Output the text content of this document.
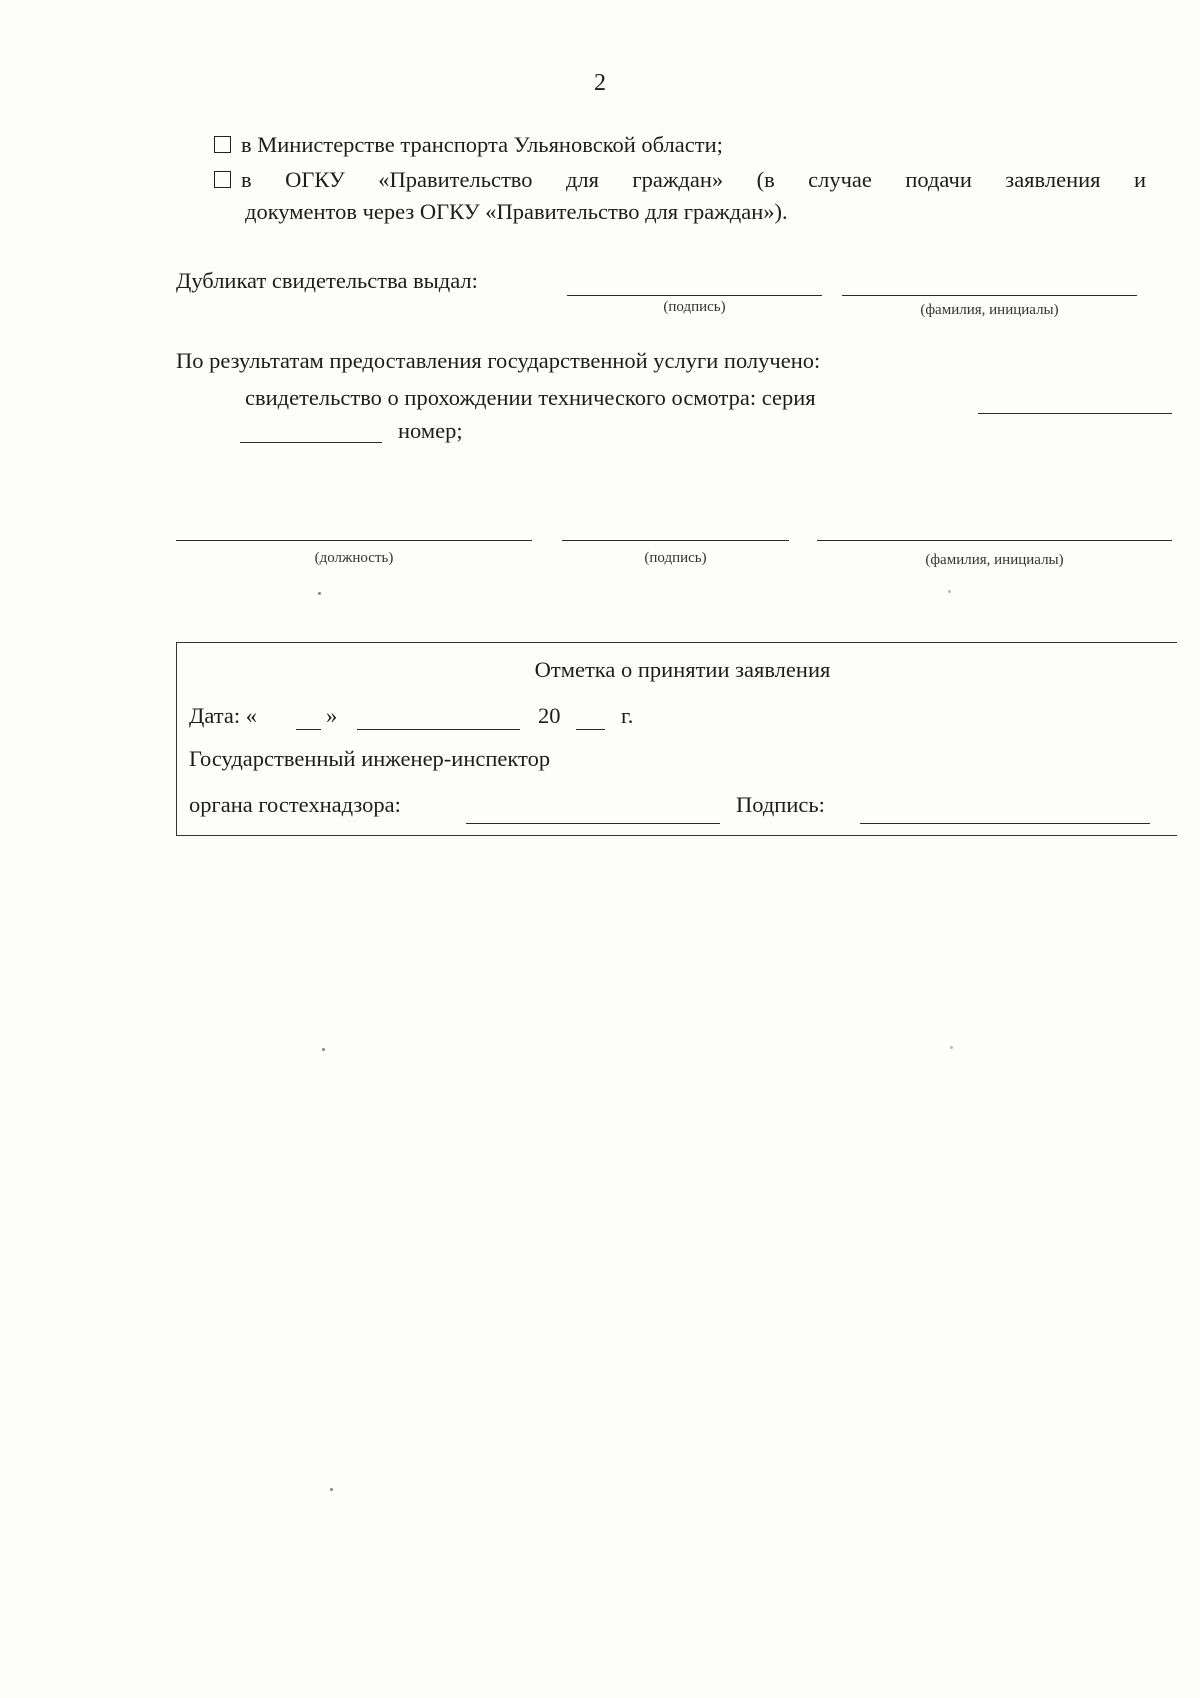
2
в Министерстве транспорта Ульяновской области;
в ОГКУ «Правительство для граждан» (в случае подачи заявления и
документов через ОГКУ «Правительство для граждан»).
Дубликат свидетельства выдал:
(подпись)	(фамилия, инициалы)
По результатам предоставления государственной услуги получено:
свидетельство о прохождении технического осмотра: серия
номер;
(должность)	(подпись)	(фамилия, инициалы)
Отметка о принятии заявления
Дата: «	»	20	г.
Государственный инженер-инспектор
органа гостехнадзора:	Подпись:
